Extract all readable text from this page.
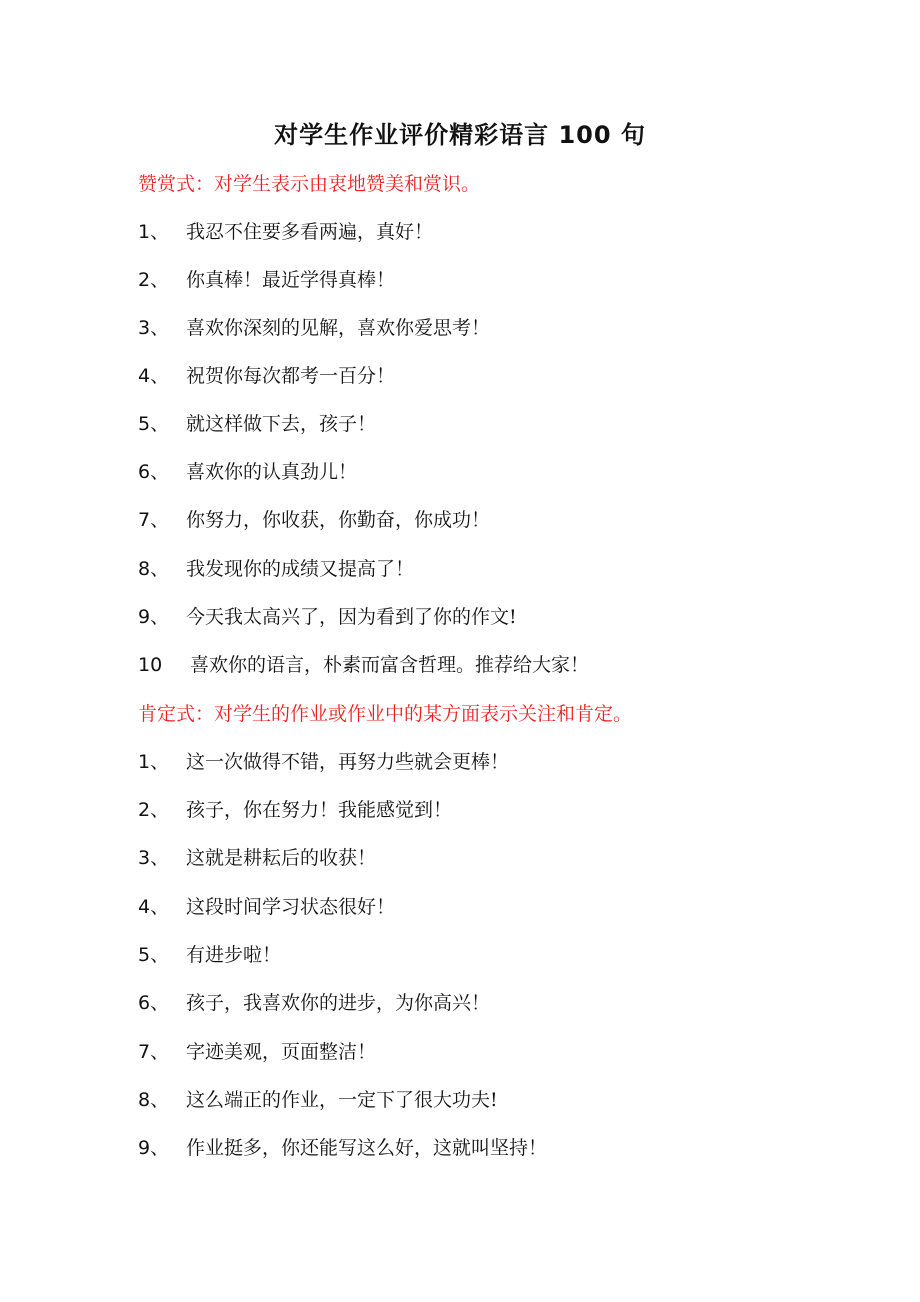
对学生作业评价精彩语言 100 句
赞赏式：对学生表示由衷地赞美和赏识。
1、 我忍不住要多看两遍，真好！
2、 你真棒！最近学得真棒！
3、 喜欢你深刻的见解，喜欢你爱思考！
4、 祝贺你每次都考一百分！
5、 就这样做下去，孩子！
6、 喜欢你的认真劲儿！
7、 你努力，你收获，你勤奋，你成功！
8、 我发现你的成绩又提高了！
9、 今天我太高兴了，因为看到了你的作文!
10 喜欢你的语言，朴素而富含哲理。推荐给大家！
肯定式：对学生的作业或作业中的某方面表示关注和肯定。
1、 这一次做得不错，再努力些就会更棒！
2、 孩子，你在努力！我能感觉到！
3、 这就是耕耘后的收获！
4、 这段时间学习状态很好！
5、 有进步啦！
6、 孩子，我喜欢你的进步，为你高兴！
7、 字迹美观，页面整洁！
8、 这么端正的作业，一定下了很大功夫!
9、 作业挺多，你还能写这么好，这就叫坚持！
